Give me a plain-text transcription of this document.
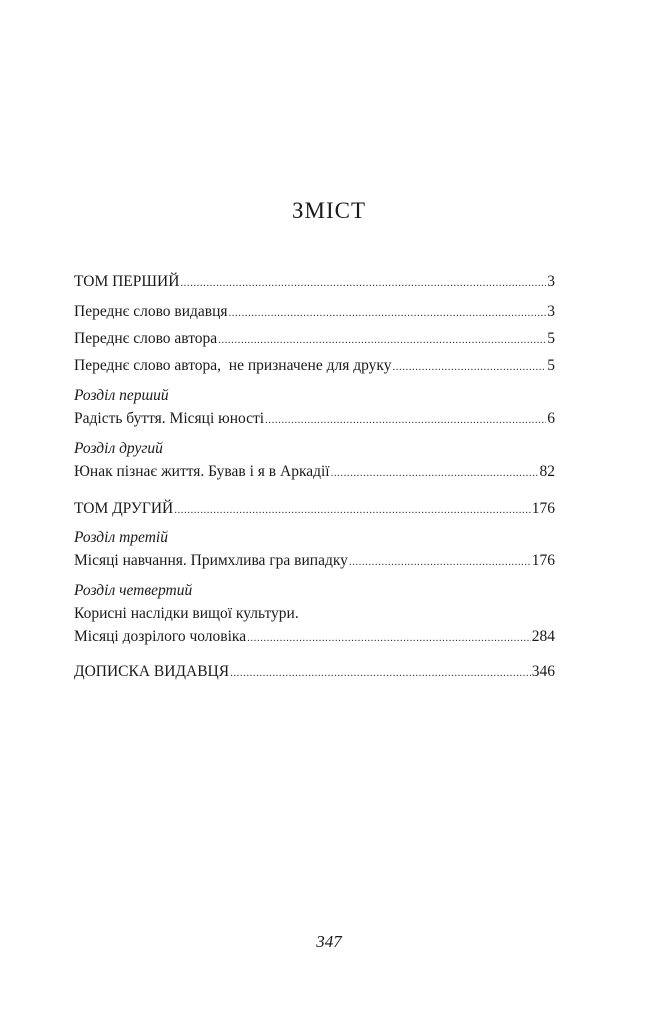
ЗМІСТ
ТОМ ПЕРШИЙ .....	3
Переднє слово видавця .....	3
Переднє слово автора .....	5
Переднє слово автора,  не призначене для друку .....	5
Розділ перший
Радість буття. Місяці юності .....	6
Розділ другий
Юнак пізнає життя. Бував і я в Аркадії .....	82
ТОМ ДРУГИЙ .....	176
Розділ третій
Місяці навчання. Примхлива гра випадку .....	176
Розділ четвертий
Корисні наслідки вищої культури.
Місяці дозрілого чоловіка .....	284
ДОПИСКА ВИДАВЦЯ .....	346
347
